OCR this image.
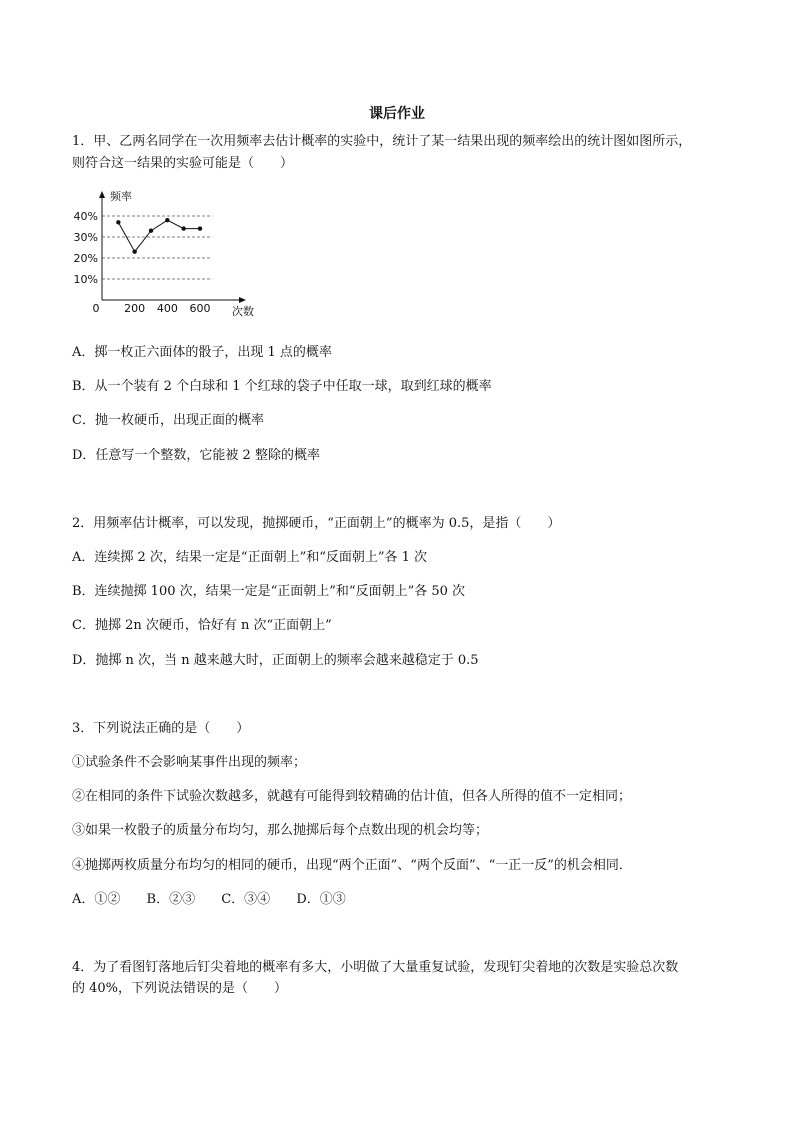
课后作业
1．甲、乙两名同学在一次用频率去估计概率的实验中，统计了某一结果出现的频率绘出的统计图如图所示，
则符合这一结果的实验可能是（　　）
频率
次数
0
10%
20%
30%
40%
200 400 600
A．掷一枚正六面体的骰子，出现 1 点的概率
B．从一个装有 2 个白球和 1 个红球的袋子中任取一球，取到红球的概率
C．抛一枚硬币，出现正面的概率
D．任意写一个整数，它能被 2 整除的概率
2．用频率估计概率，可以发现，抛掷硬币，“正面朝上”的概率为 0.5，是指（　　）
A．连续掷 2 次，结果一定是“正面朝上”和“反面朝上”各 1 次
B．连续抛掷 100 次，结果一定是“正面朝上”和“反面朝上”各 50 次
C．抛掷 2n 次硬币，恰好有 n 次“正面朝上”
D．抛掷 n 次，当 n 越来越大时，正面朝上的频率会越来越稳定于 0.5
3．下列说法正确的是（　　）
①试验条件不会影响某事件出现的频率；
②在相同的条件下试验次数越多，就越有可能得到较精确的估计值，但各人所得的值不一定相同；
③如果一枚骰子的质量分布均匀，那么抛掷后每个点数出现的机会均等；
④抛掷两枚质量分布均匀的相同的硬币，出现“两个正面”、“两个反面”、“一正一反”的机会相同．
A．①② B．②③ C．③④ D．①③
4．为了看图钉落地后钉尖着地的概率有多大，小明做了大量重复试验，发现钉尖着地的次数是实验总次数
的 40%，下列说法错误的是（　　）
